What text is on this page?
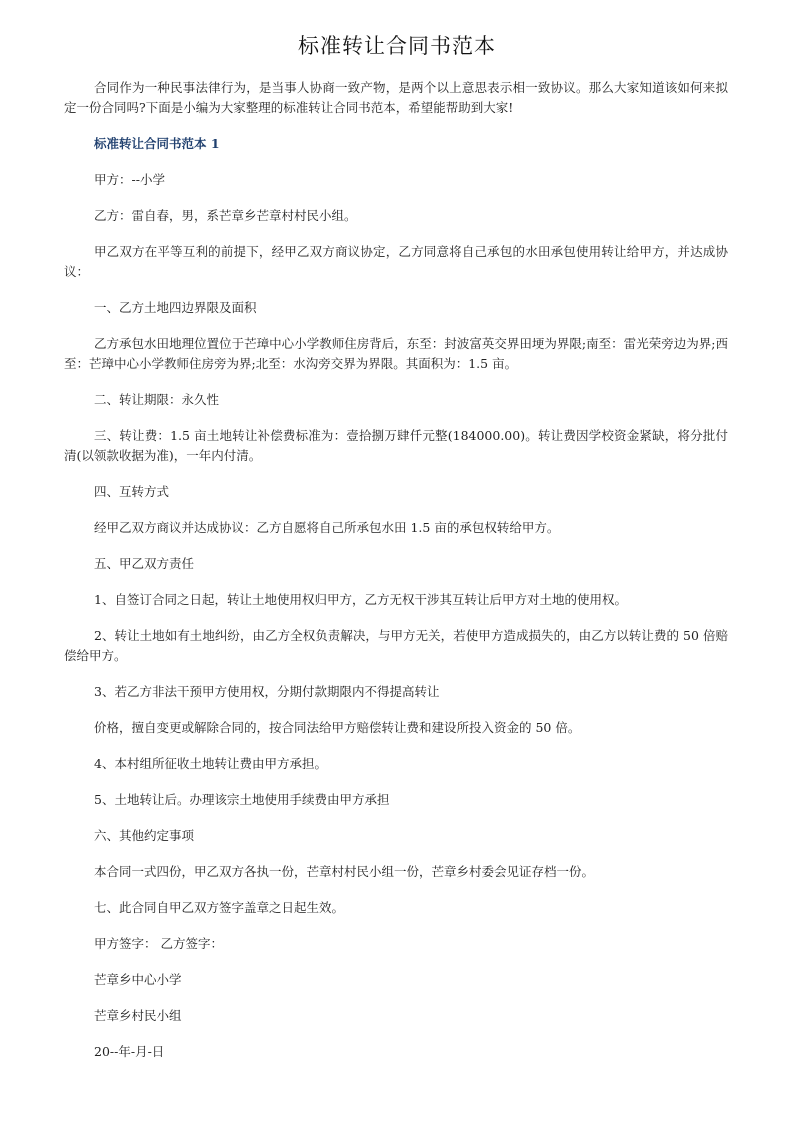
标准转让合同书范本

合同作为一种民事法律行为，是当事人协商一致产物，是两个以上意思表示相一致协议。那么大家知道该如何来拟定一份合同吗?下面是小编为大家整理的标准转让合同书范本，希望能帮助到大家!

标准转让合同书范本 1

甲方：--小学

乙方：雷自春，男，系芒章乡芒章村村民小组。

甲乙双方在平等互利的前提下，经甲乙双方商议协定，乙方同意将自己承包的水田承包使用转让给甲方，并达成协议：

一、乙方土地四边界限及面积

乙方承包水田地理位置位于芒璋中心小学教师住房背后，东至：封波富英交界田埂为界限;南至：雷光荣旁边为界;西至：芒璋中心小学教师住房旁为界;北至：水沟旁交界为界限。其面积为：1.5 亩。

二、转让期限：永久性

三、转让费：1.5 亩土地转让补偿费标准为：壹拾捌万肆仟元整(184000.00)。转让费因学校资金紧缺，将分批付清(以领款收据为准)，一年内付清。

四、互转方式

经甲乙双方商议并达成协议：乙方自愿将自己所承包水田 1.5 亩的承包权转给甲方。

五、甲乙双方责任

1、自签订合同之日起，转让土地使用权归甲方，乙方无权干涉其互转让后甲方对土地的使用权。

2、转让土地如有土地纠纷，由乙方全权负责解决，与甲方无关，若使甲方造成损失的，由乙方以转让费的 50 倍赔偿给甲方。

3、若乙方非法干预甲方使用权，分期付款期限内不得提高转让

价格，擅自变更或解除合同的，按合同法给甲方赔偿转让费和建设所投入资金的 50 倍。

4、本村组所征收土地转让费由甲方承担。

5、土地转让后。办理该宗土地使用手续费由甲方承担

六、其他约定事项

本合同一式四份，甲乙双方各执一份，芒章村村民小组一份，芒章乡村委会见证存档一份。

七、此合同自甲乙双方签字盖章之日起生效。

甲方签字： 乙方签字：

芒章乡中心小学

芒章乡村民小组

20--年-月-日
